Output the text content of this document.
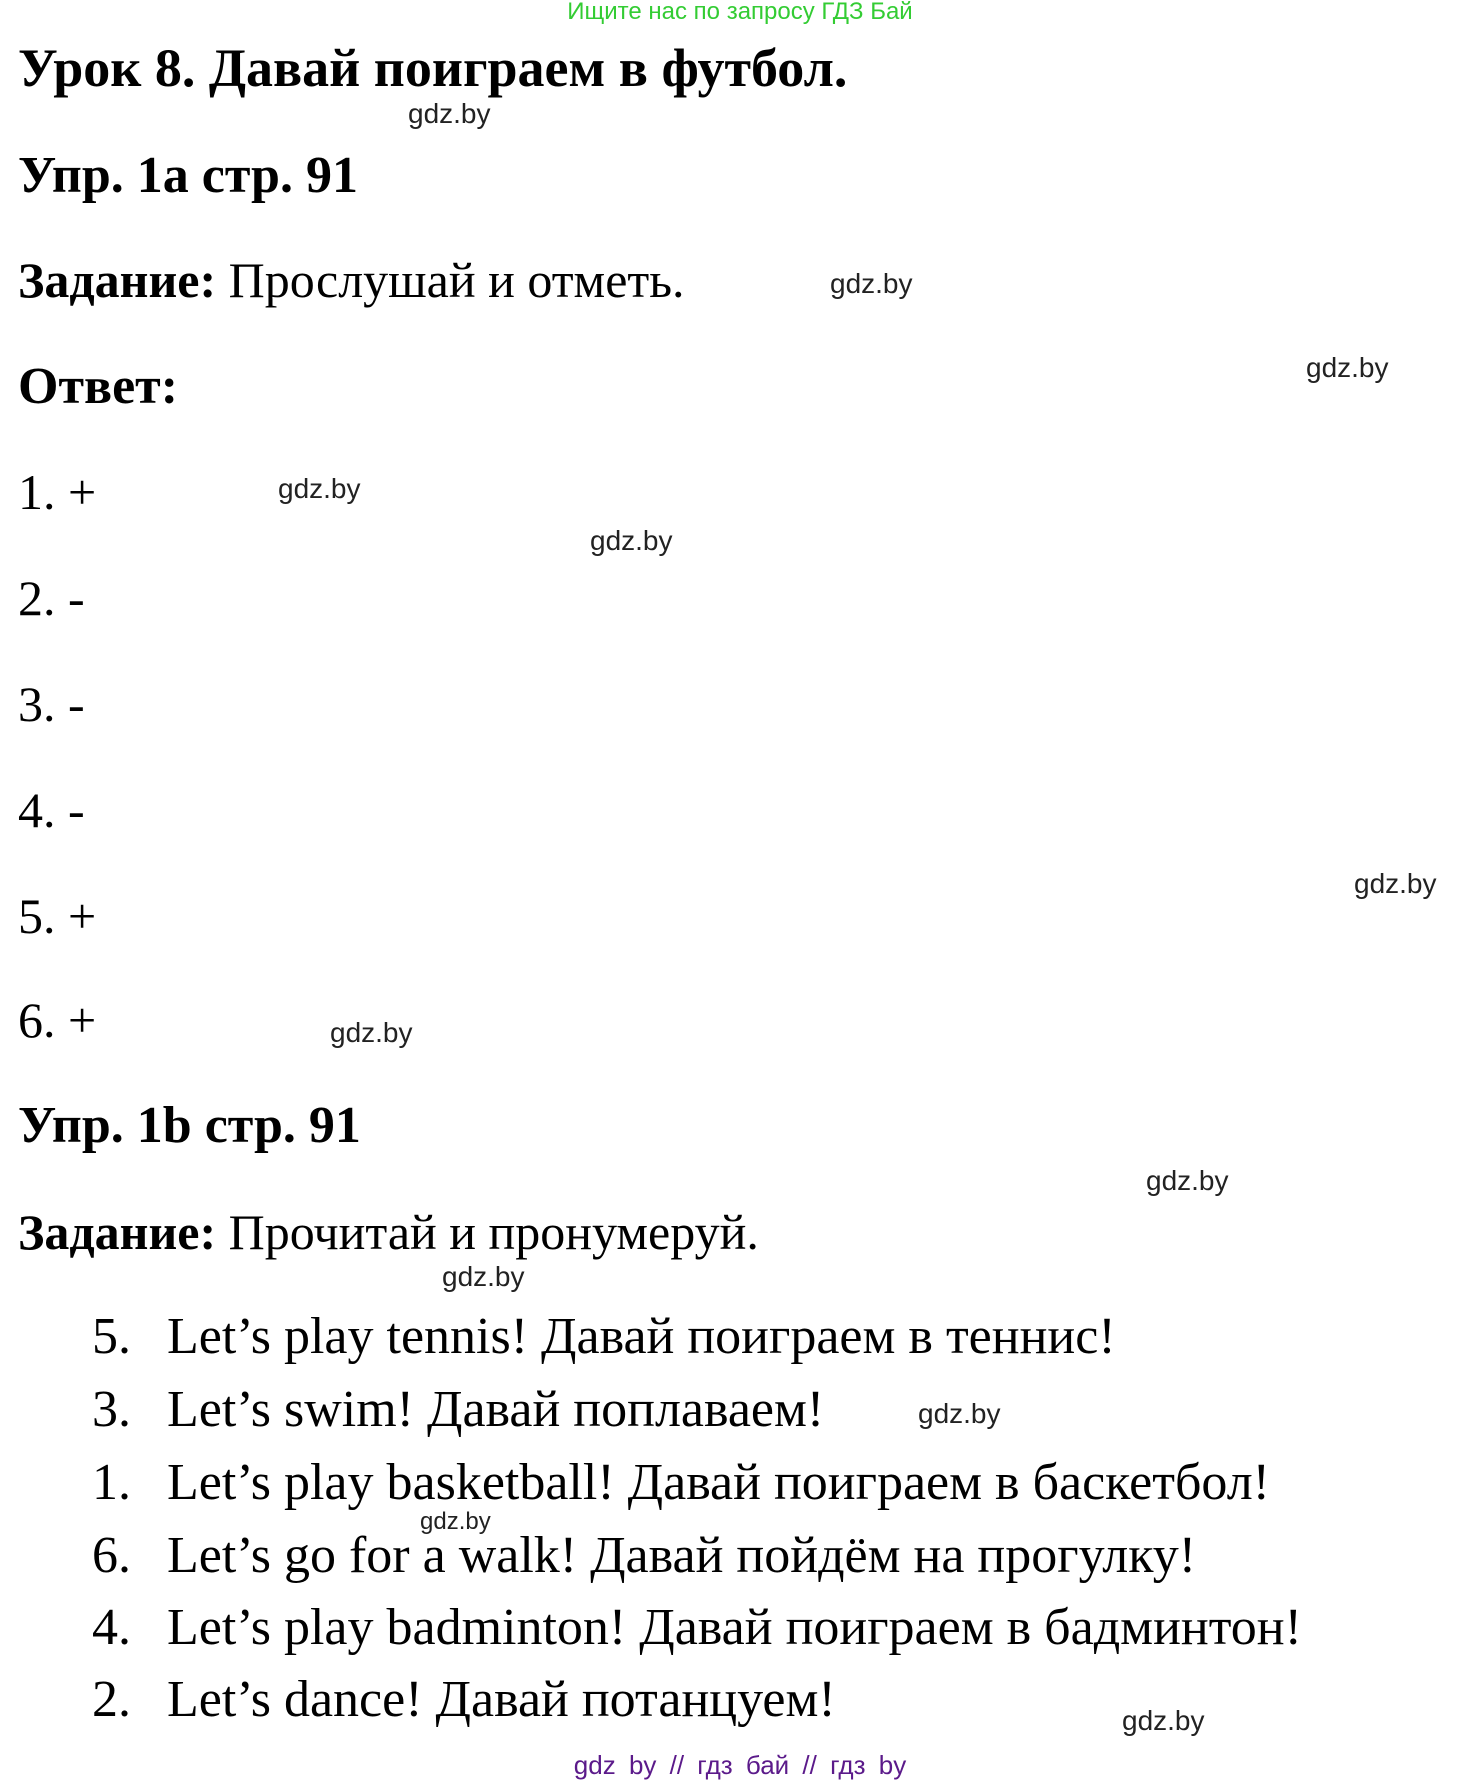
Ищите нас по запросу ГДЗ Бай
Урок 8. Давай поиграем в футбол.
Упр. 1a стр. 91
Задание: Прослушай и отметь.
Ответ:
1. +
2. -
3. -
4. -
5. +
6. +
Упр. 1b стр. 91
Задание: Прочитай и пронумеруй.
5. Let’s play tennis! Давай поиграем в теннис!
3. Let’s swim! Давай поплаваем!
1. Let’s play basketball! Давай поиграем в баскетбол!
6. Let’s go for a walk! Давай пойдём на прогулку!
4. Let’s play badminton! Давай поиграем в бадминтон!
2. Let’s dance! Давай потанцуем!
gdz.by
gdz.by
gdz.by
gdz.by
gdz.by
gdz.by
gdz.by
gdz.by
gdz.by
gdz.by
gdz.by
gdz.by
gdz by // гдз бай // гдз by
